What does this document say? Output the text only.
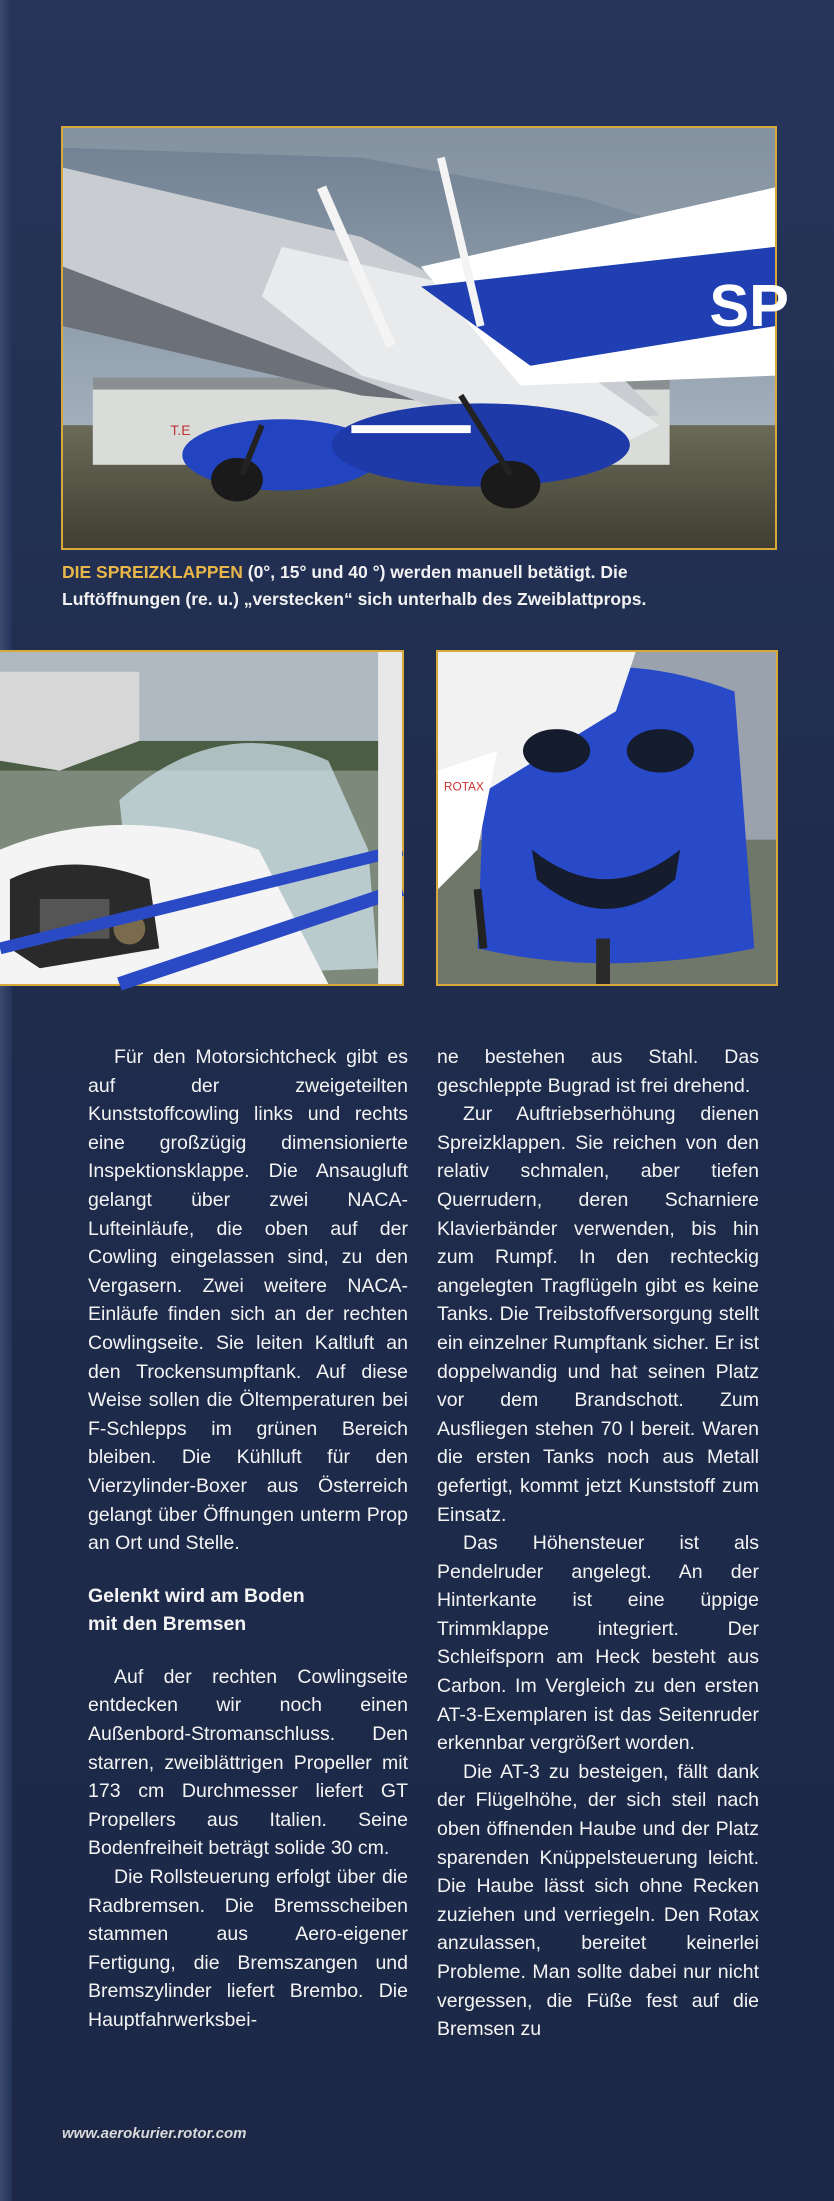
T.E
SP
DIE SPREIZKLAPPEN (0°, 15° und 40 °) werden manuell betätigt. Die
Luftöffnungen (re. u.) „verstecken“ sich unterhalb des Zweiblattprops.
ROTAX

Für den Motorsichtcheck gibt es auf der zweigeteilten Kunststoffcowling links und rechts eine großzügig dimensionierte Inspektionsklappe. Die Ansaugluft gelangt über zwei NACA-Lufteinläufe, die oben auf der Cowling eingelassen sind, zu den Vergasern. Zwei weitere NACA-Einläufe finden sich an der rechten Cowlingseite. Sie leiten Kaltluft an den Trockensumpftank. Auf diese Weise sollen die Öltemperaturen bei F-Schlepps im grünen Bereich bleiben. Die Kühlluft für den Vierzylinder-Boxer aus Österreich gelangt über Öffnungen unterm Prop an Ort und Stelle.

Gelenkt wird am Boden

mit den Bremsen

Auf der rechten Cowlingseite entdecken wir noch einen Außenbord-Stromanschluss. Den starren, zweiblättrigen Propeller mit 173 cm Durchmesser liefert GT Propellers aus Italien. Seine Bodenfreiheit beträgt solide 30 cm.

Die Rollsteuerung erfolgt über die Radbremsen. Die Bremsscheiben stammen aus Aero-eigener Fertigung, die Bremszangen und Bremszylinder liefert Brembo. Die Hauptfahrwerksbei-

ne bestehen aus Stahl. Das geschleppte Bugrad ist frei drehend.

Zur Auftriebserhöhung dienen Spreizklappen. Sie reichen von den relativ schmalen, aber tiefen Querrudern, deren Scharniere Klavierbänder verwenden, bis hin zum Rumpf. In den rechteckig angelegten Tragflügeln gibt es keine Tanks. Die Treibstoffversorgung stellt ein einzelner Rumpftank sicher. Er ist doppelwandig und hat seinen Platz vor dem Brandschott. Zum Ausfliegen stehen 70 l bereit. Waren die ersten Tanks noch aus Metall gefertigt, kommt jetzt Kunststoff zum Einsatz.

Das Höhensteuer ist als Pendelruder angelegt. An der Hinterkante ist eine üppige Trimmklappe integriert. Der Schleifsporn am Heck besteht aus Carbon. Im Vergleich zu den ersten AT-3-Exemplaren ist das Seitenruder erkennbar vergrößert worden.

Die AT-3 zu besteigen, fällt dank der Flügelhöhe, der sich steil nach oben öffnenden Haube und der Platz sparenden Knüppelsteuerung leicht. Die Haube lässt sich ohne Recken zuziehen und verriegeln. Den Rotax anzulassen, bereitet keinerlei Probleme. Man sollte dabei nur nicht vergessen, die Füße fest auf die Bremsen zu

www.aerokurier.rotor.com
